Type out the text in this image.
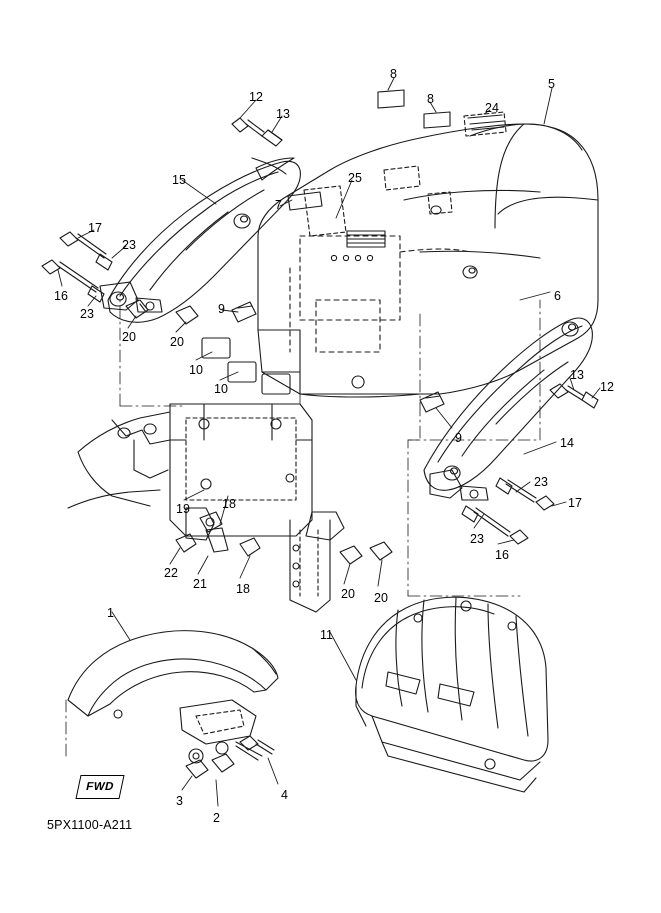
12
13
8
8
24
5
15	25
7
17
23
16
23
6
9
20	20
10
10
13
12
9	14
19	18
23
17
23
16
22
21 18	20 20
1
11
3
2
4
FWD
5PX1100-A211
